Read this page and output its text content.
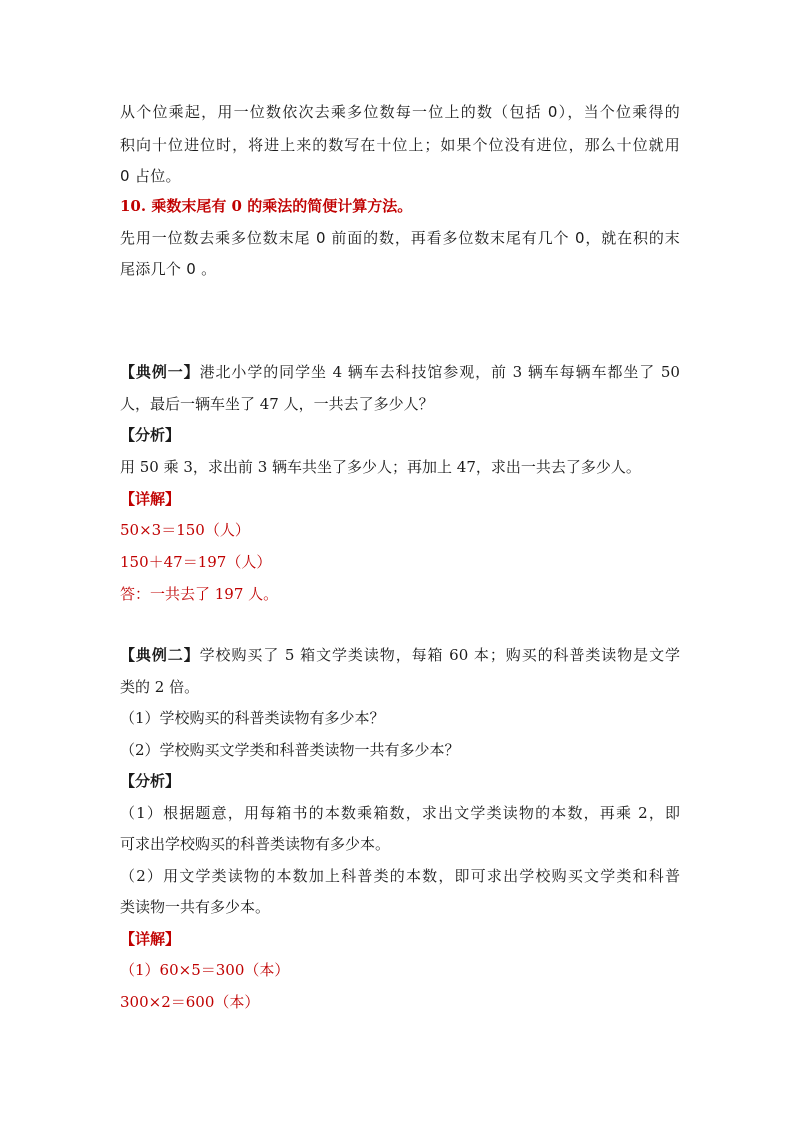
从个位乘起，用一位数依次去乘多位数每一位上的数（包括 0），当个位乘得的
积向十位进位时，将进上来的数写在十位上；如果个位没有进位，那么十位就用
0 占位。
10. 乘数末尾有 0 的乘法的简便计算方法。
先用一位数去乘多位数末尾 0 前面的数，再看多位数末尾有几个 0，就在积的末
尾添几个 0 。
【典例一】港北小学的同学坐 4 辆车去科技馆参观，前 3 辆车每辆车都坐了 50
人，最后一辆车坐了 47 人，一共去了多少人？
【分析】
用 50 乘 3，求出前 3 辆车共坐了多少人；再加上 47，求出一共去了多少人。
【详解】
50×3＝150（人）
150＋47＝197（人）
答：一共去了 197 人。
【典例二】学校购买了 5 箱文学类读物，每箱 60 本；购买的科普类读物是文学
类的 2 倍。
（1）学校购买的科普类读物有多少本？
（2）学校购买文学类和科普类读物一共有多少本？
【分析】
（1）根据题意，用每箱书的本数乘箱数，求出文学类读物的本数，再乘 2，即
可求出学校购买的科普类读物有多少本。
（2）用文学类读物的本数加上科普类的本数，即可求出学校购买文学类和科普
类读物一共有多少本。
【详解】
（1）60×5＝300（本）
300×2＝600（本）
